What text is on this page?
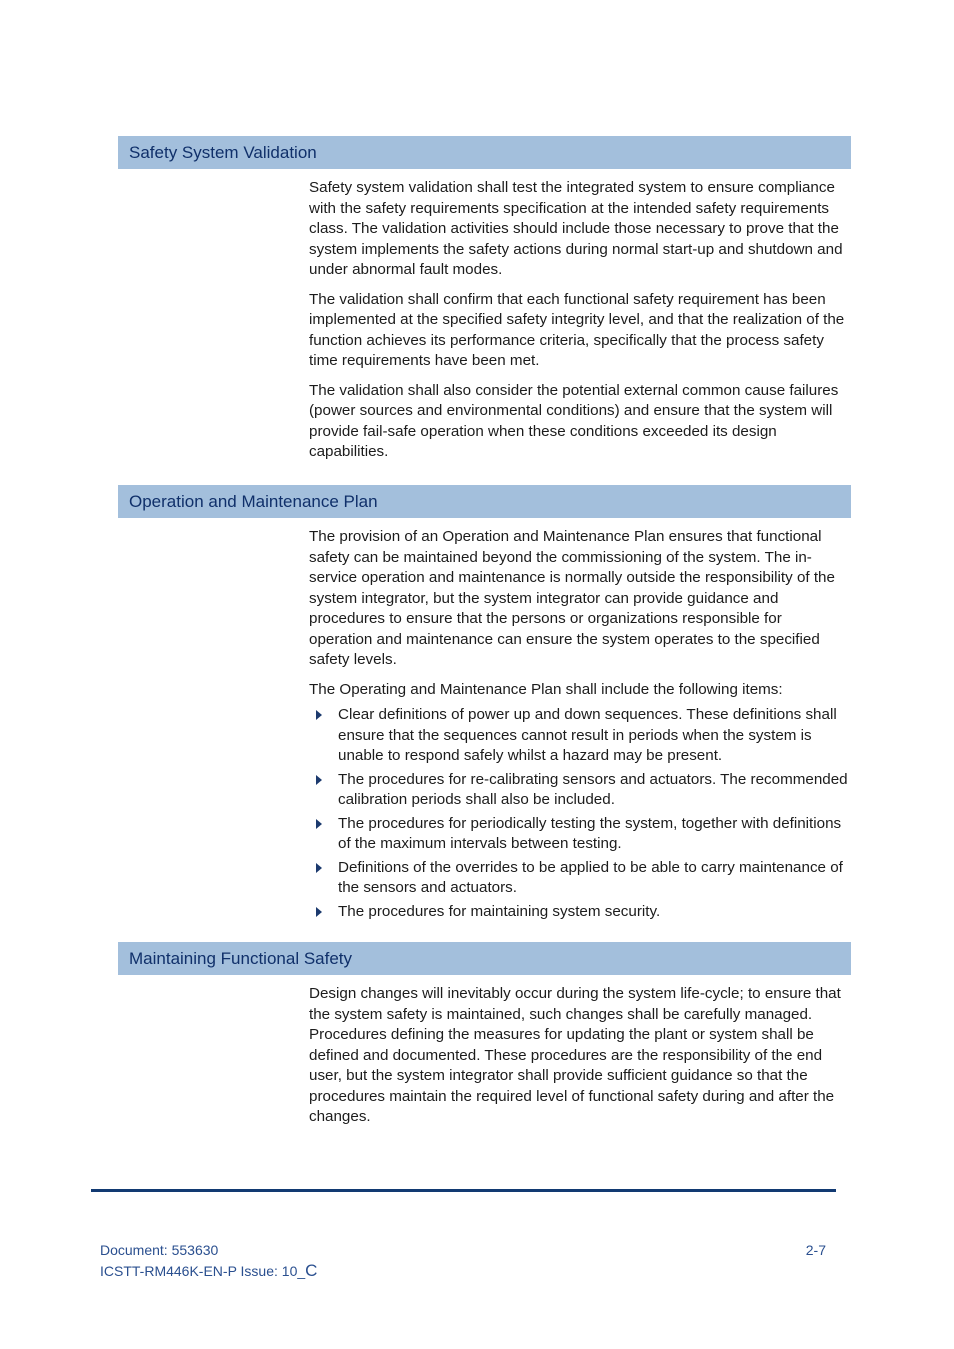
Safety System Validation

Safety system validation shall test the integrated system to ensure compliance with the safety requirements specification at the intended safety requirements class. The validation activities should include those necessary to prove that the system implements the safety actions during normal start-up and shutdown and under abnormal fault modes.

The validation shall confirm that each functional safety requirement has been implemented at the specified safety integrity level, and that the realization of the function achieves its performance criteria, specifically that the process safety time requirements have been met.

The validation shall also consider the potential external common cause failures (power sources and environmental conditions) and ensure that the system will provide fail-safe operation when these conditions exceeded its design capabilities.

Operation and Maintenance Plan

The provision of an Operation and Maintenance Plan ensures that functional safety can be maintained beyond the commissioning of the system. The in-service operation and maintenance is normally outside the responsibility of the system integrator, but the system integrator can provide guidance and procedures to ensure that the persons or organizations responsible for operation and maintenance can ensure the system operates to the specified safety levels.

The Operating and Maintenance Plan shall include the following items:

Clear definitions of power up and down sequences. These definitions shall ensure that the sequences cannot result in periods when the system is unable to respond safely whilst a hazard may be present.
The procedures for re-calibrating sensors and actuators. The recommended calibration periods shall also be included.
The procedures for periodically testing the system, together with definitions of the maximum intervals between testing.
Definitions of the overrides to be applied to be able to carry maintenance of the sensors and actuators.
The procedures for maintaining system security.
Maintaining Functional Safety

Design changes will inevitably occur during the system life-cycle; to ensure that the system safety is maintained, such changes shall be carefully managed. Procedures defining the measures for updating the plant or system shall be defined and documented. These procedures are the responsibility of the end user, but the system integrator shall provide sufficient guidance so that the procedures maintain the required level of functional safety during and after the changes.

Document: 553630
ICSTT-RM446K-EN-P Issue: 10_C
2-7
